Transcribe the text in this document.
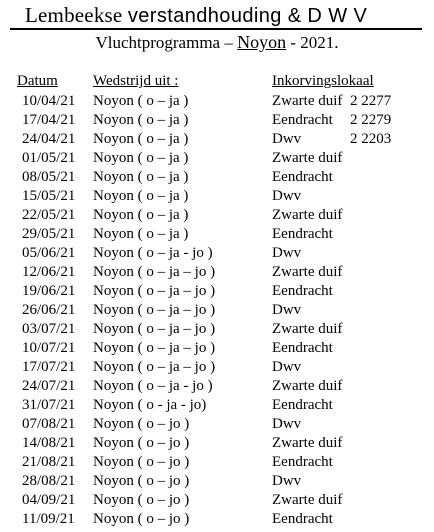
Lembeekse verstandhouding & D W V
Vluchtprogramma – Noyon - 2021.
Datum Wedstrijd uit :	Inkorvingslokaal
10/04/21 Noyon ( o – ja )	Zwarte duif 2 2277
17/04/21 Noyon ( o – ja )	Eendracht 2 2279
24/04/21 Noyon ( o – ja )	Dwv	2 2203
01/05/21 Noyon ( o – ja )	Zwarte duif
08/05/21 Noyon ( o – ja )	Eendracht
15/05/21 Noyon ( o – ja )	Dwv
22/05/21 Noyon ( o – ja )	Zwarte duif
29/05/21 Noyon ( o – ja )	Eendracht
05/06/21 Noyon ( o – ja - jo )	Dwv
12/06/21 Noyon ( o – ja – jo )	Zwarte duif
19/06/21 Noyon ( o – ja – jo )	Eendracht
26/06/21 Noyon ( o – ja – jo )	Dwv
03/07/21 Noyon ( o – ja – jo )	Zwarte duif
10/07/21 Noyon ( o – ja – jo )	Eendracht
17/07/21 Noyon ( o – ja – jo )	Dwv
24/07/21 Noyon ( o – ja - jo )	Zwarte duif
31/07/21 Noyon ( o - ja - jo)	Eendracht
07/08/21 Noyon ( o – jo )	Dwv
14/08/21 Noyon ( o – jo )	Zwarte duif
21/08/21 Noyon ( o – jo )	Eendracht
28/08/21 Noyon ( o – jo )	Dwv
04/09/21 Noyon ( o – jo )	Zwarte duif
11/09/21 Noyon ( o – jo )	Eendracht
